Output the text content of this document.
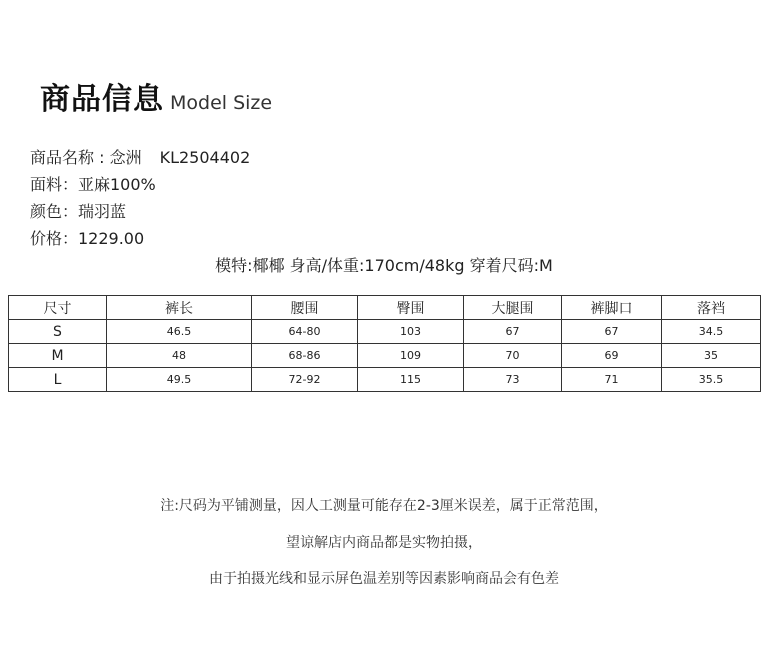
商品信息 Model Size
商品名称 : 念洲 KL2504402
面料：亚麻100%
颜色：瑞羽蓝
价格：1229.00
模特:椰椰 身高/体重:170cm/48kg 穿着尺码:M
尺寸	裤长	腰围	臀围	大腿围	裤脚口	落裆
S	46.5	64-80	103	67	67	34.5
M	48	68-86	109	70	69	35
L	49.5	72-92	115	73	71	35.5
注:尺码为平铺测量，因人工测量可能存在2-3厘米误差，属于正常范围，
望谅解店内商品都是实物拍摄，
由于拍摄光线和显示屏色温差别等因素影响商品会有色差
